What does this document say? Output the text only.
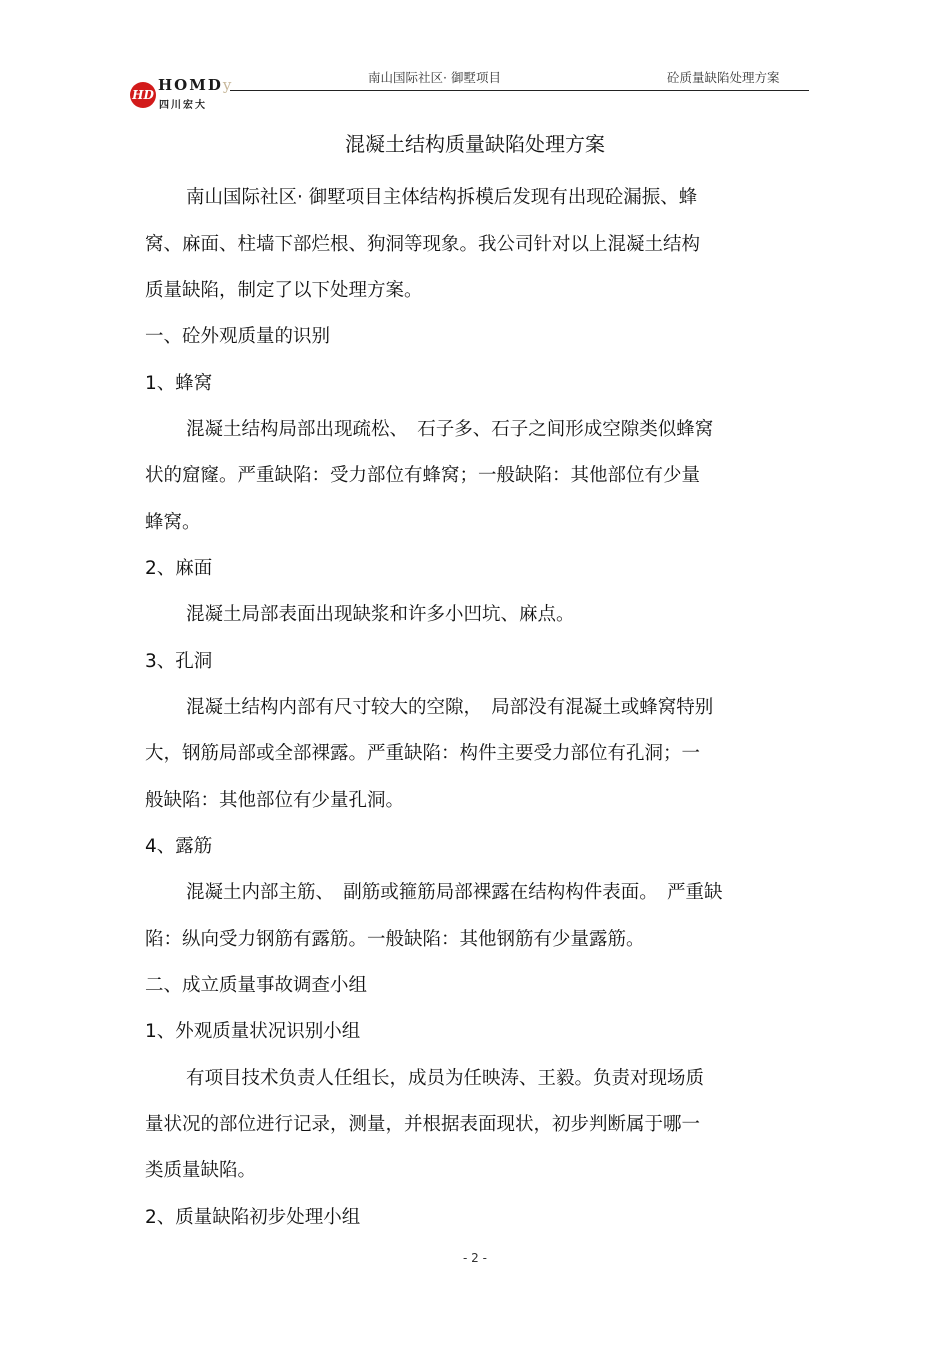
HD
HOMDy
四川宏大
南山国际社区· 御墅项目	砼质量缺陷处理方案
混凝土结构质量缺陷处理方案
南山国际社区· 御墅项目主体结构拆模后发现有出现砼漏振、蜂
窝、麻面、柱墙下部烂根、狗洞等现象。我公司针对以上混凝土结构
质量缺陷，制定了以下处理方案。
一、砼外观质量的识别
1、蜂窝
混凝土结构局部出现疏松、　石子多、石子之间形成空隙类似蜂窝
状的窟窿。严重缺陷：受力部位有蜂窝；一般缺陷：其他部位有少量
蜂窝。
2、麻面
混凝土局部表面出现缺浆和许多小凹坑、麻点。
3、孔洞
混凝土结构内部有尺寸较大的空隙，　局部没有混凝土或蜂窝特别
大，钢筋局部或全部裸露。严重缺陷：构件主要受力部位有孔洞；一
般缺陷：其他部位有少量孔洞。
4、露筋
混凝土内部主筋、　副筋或箍筋局部裸露在结构构件表面。　严重缺
陷：纵向受力钢筋有露筋。一般缺陷：其他钢筋有少量露筋。
二、成立质量事故调查小组
1、外观质量状况识别小组
有项目技术负责人任组长，成员为任映涛、王毅。负责对现场质
量状况的部位进行记录，测量，并根据表面现状，初步判断属于哪一
类质量缺陷。
2、质量缺陷初步处理小组
- 2 -
